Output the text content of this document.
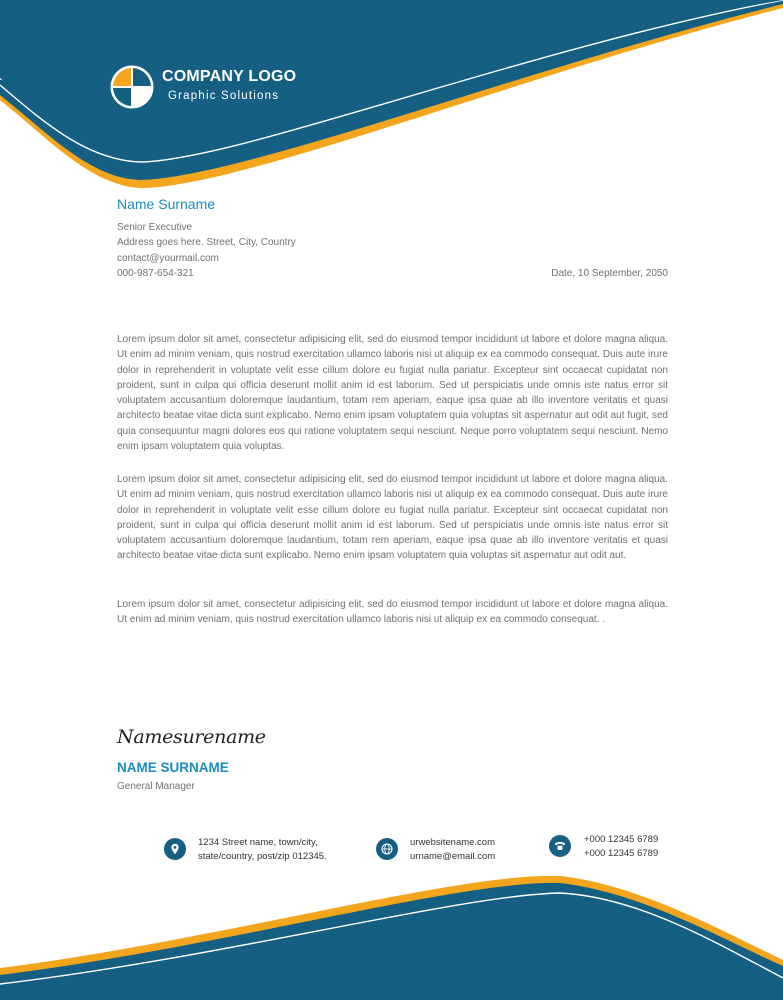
COMPANY LOGO
Graphic Solutions
Name Surname
Senior Executive
Address goes here. Street, City, Country
contact@yourmail.com
000-987-654-321	Date, 10 September, 2050

Lorem ipsum dolor sit amet, consectetur adipisicing elit, sed do eiusmod tempor incididunt ut labore et dolore magna aliqua. Ut enim ad minim veniam, quis nostrud exercitation ullamco laboris nisi ut aliquip ex ea commodo consequat. Duis aute irure dolor in reprehenderit in voluptate velit esse cillum dolore eu fugiat nulla pariatur. Excepteur sint occaecat cupidatat non proident, sunt in culpa qui officia deserunt mollit anim id est laborum. Sed ut perspiciatis unde omnis iste natus error sit voluptatem accusantium doloremque laudantium, totam rem aperiam, eaque ipsa quae ab illo inventore veritatis et quasi architecto beatae vitae dicta sunt explicabo. Nemo enim ipsam voluptatem quia voluptas sit aspernatur aut odit aut fugit, sed quia consequuntur magni dolores eos qui ratione voluptatem sequi nesciunt. Neque porro voluptatem sequi nesciunt. Nemo enim ipsam voluptatem quia voluptas.

Lorem ipsum dolor sit amet, consectetur adipisicing elit, sed do eiusmod tempor incididunt ut labore et dolore magna aliqua. Ut enim ad minim veniam, quis nostrud exercitation ullamco laboris nisi ut aliquip ex ea commodo consequat. Duis aute irure dolor in reprehenderit in voluptate velit esse cillum dolore eu fugiat nulla pariatur. Excepteur sint occaecat cupidatat non proident, sunt in culpa qui officia deserunt mollit anim id est laborum. Sed ut perspiciatis unde omnis iste natus error sit voluptatem accusantium doloremque laudantium, totam rem aperiam, eaque ipsa quae ab illo inventore veritatis et quasi architecto beatae vitae dicta sunt explicabo. Nemo enim ipsam voluptatem quia voluptas sit aspernatur aut odit aut.

Lorem ipsum dolor sit amet, consectetur adipisicing elit, sed do eiusmod tempor incididunt ut labore et dolore magna aliqua. Ut enim ad minim veniam, quis nostrud exercitation ullamco laboris nisi ut aliquip ex ea commodo consequat. .

Namesurename
NAME SURNAME
General Manager
1234 Street name, town/city,
state/country, post/zip 012345.
urwebsitename.com
urname@email.com
+000 12345 6789
+000 12345 6789
